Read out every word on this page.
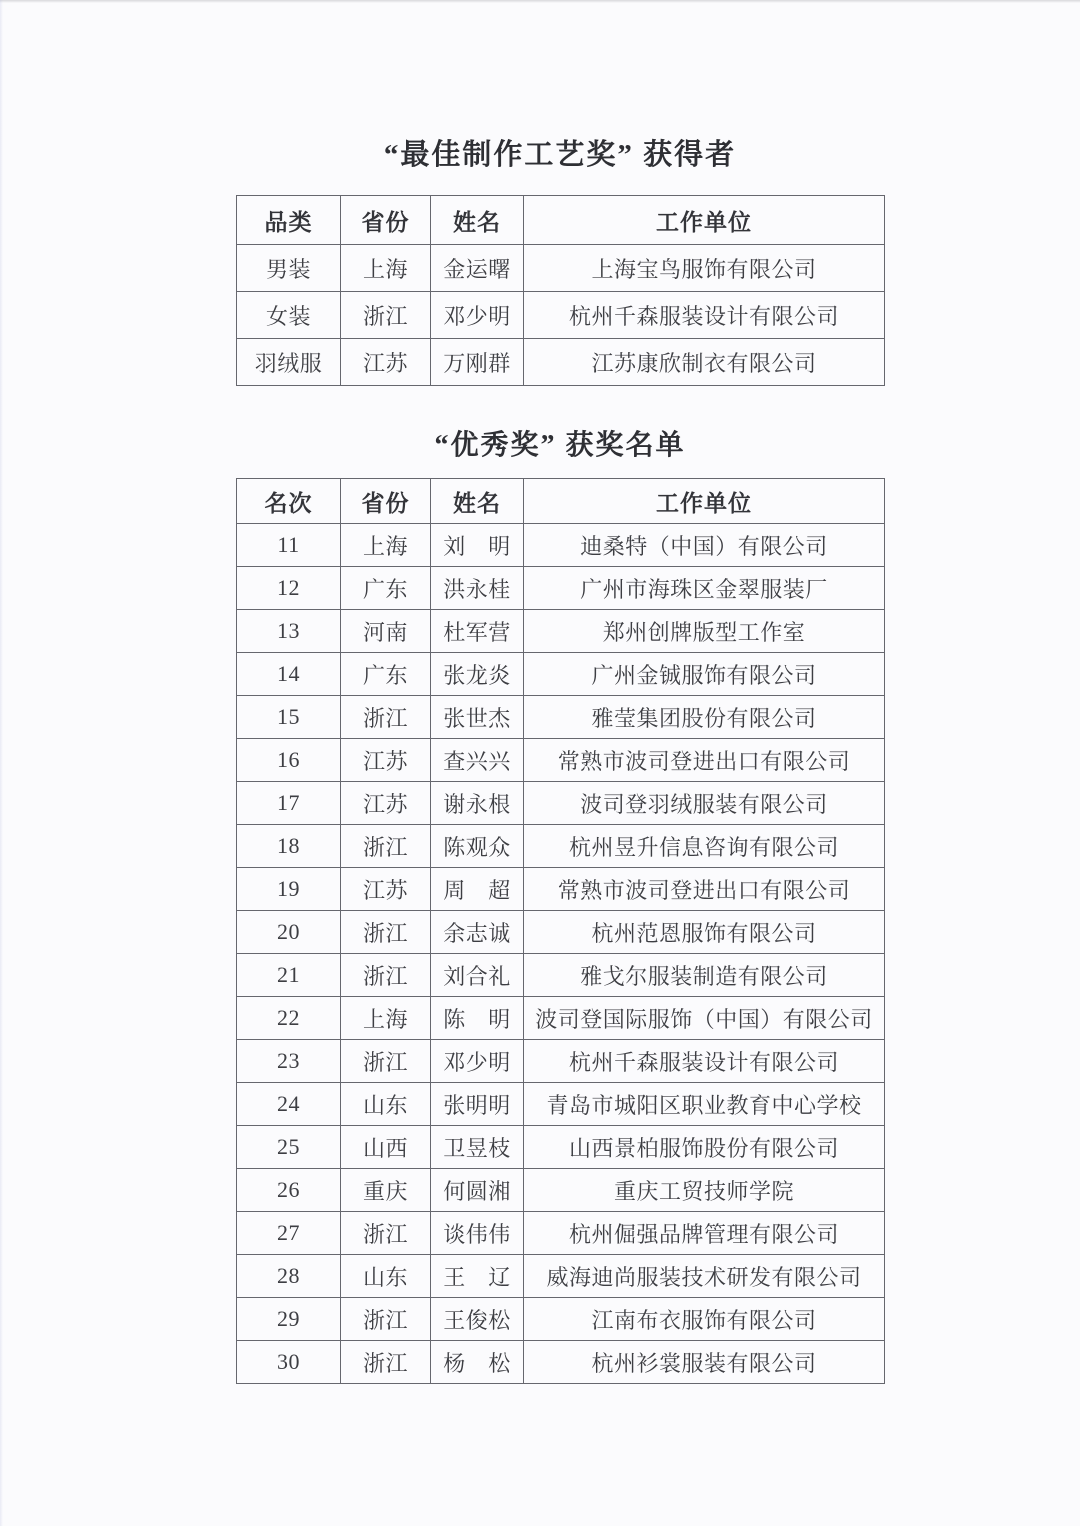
“最佳制作工艺奖” 获得者
品类	省份	姓名	工作单位
男装	上海	金运曙	上海宝鸟服饰有限公司
女装	浙江	邓少明	杭州千森服装设计有限公司
羽绒服	江苏	万刚群	江苏康欣制衣有限公司
“优秀奖” 获奖名单
名次	省份	姓名	工作单位
11	上海	刘　明	迪桑特（中国）有限公司
12	广东	洪永桂	广州市海珠区金翠服装厂
13	河南	杜军营	郑州创牌版型工作室
14	广东	张龙炎	广州金铖服饰有限公司
15	浙江	张世杰	雅莹集团股份有限公司
16	江苏	查兴兴	常熟市波司登进出口有限公司
17	江苏	谢永根	波司登羽绒服装有限公司
18	浙江	陈观众	杭州昱升信息咨询有限公司
19	江苏	周　超	常熟市波司登进出口有限公司
20	浙江	余志诚	杭州范恩服饰有限公司
21	浙江	刘合礼	雅戈尔服装制造有限公司
22	上海	陈　明	波司登国际服饰（中国）有限公司
23	浙江	邓少明	杭州千森服装设计有限公司
24	山东	张明明	青岛市城阳区职业教育中心学校
25	山西	卫昱枝	山西景柏服饰股份有限公司
26	重庆	何圆湘	重庆工贸技师学院
27	浙江	谈伟伟	杭州倔强品牌管理有限公司
28	山东	王　辽	威海迪尚服装技术研发有限公司
29	浙江	王俊松	江南布衣服饰有限公司
30	浙江	杨　松	杭州衫裳服装有限公司
